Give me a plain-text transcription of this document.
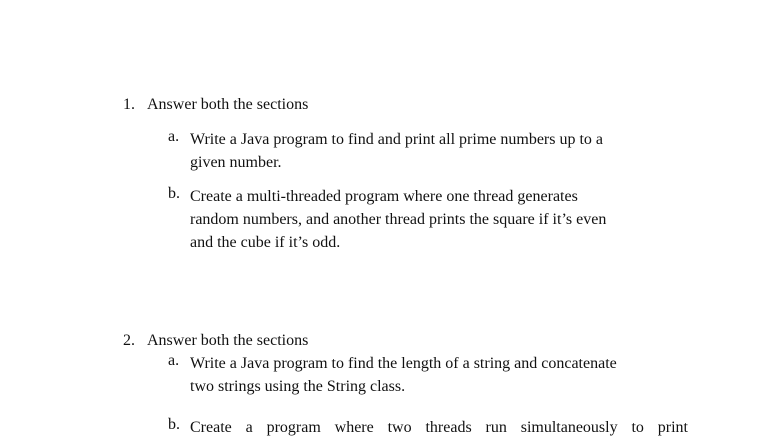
1. Answer both the sections
a. Write a Java program to find and print all prime numbers up to a
given number.
b. Create a multi-threaded program where one thread generates
random numbers, and another thread prints the square if it’s even
and the cube if it’s odd.
2. Answer both the sections
a. Write a Java program to find the length of a string and concatenate
two strings using the String class.
b. Create a program where two threads run simultaneously to print
